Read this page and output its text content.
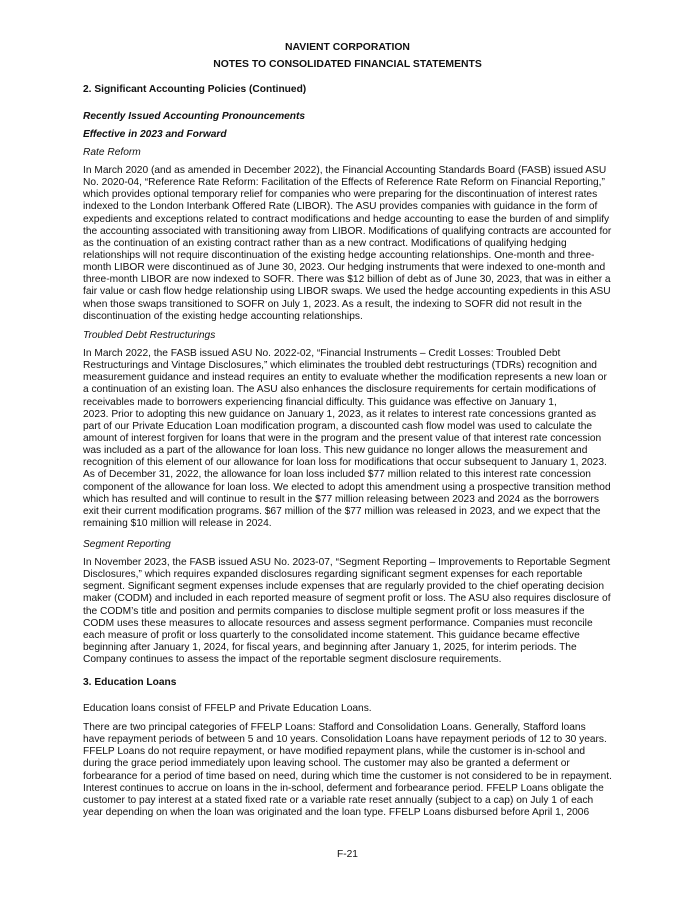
NAVIENT CORPORATION
NOTES TO CONSOLIDATED FINANCIAL STATEMENTS
2. Significant Accounting Policies (Continued)
Recently Issued Accounting Pronouncements
Effective in 2023 and Forward
Rate Reform
In March 2020 (and as amended in December 2022), the Financial Accounting Standards Board (FASB) issued ASU
No. 2020-04, “Reference Rate Reform: Facilitation of the Effects of Reference Rate Reform on Financial Reporting,”
which provides optional temporary relief for companies who were preparing for the discontinuation of interest rates
indexed to the London Interbank Offered Rate (LIBOR). The ASU provides companies with guidance in the form of
expedients and exceptions related to contract modifications and hedge accounting to ease the burden of and simplify
the accounting associated with transitioning away from LIBOR. Modifications of qualifying contracts are accounted for
as the continuation of an existing contract rather than as a new contract. Modifications of qualifying hedging
relationships will not require discontinuation of the existing hedge accounting relationships. One-month and three-
month LIBOR were discontinued as of June 30, 2023. Our hedging instruments that were indexed to one-month and
three-month LIBOR are now indexed to SOFR. There was $12 billion of debt as of June 30, 2023, that was in either a
fair value or cash flow hedge relationship using LIBOR swaps. We used the hedge accounting expedients in this ASU
when those swaps transitioned to SOFR on July 1, 2023. As a result, the indexing to SOFR did not result in the
discontinuation of the existing hedge accounting relationships.
Troubled Debt Restructurings
In March 2022, the FASB issued ASU No. 2022-02, “Financial Instruments – Credit Losses: Troubled Debt
Restructurings and Vintage Disclosures,” which eliminates the troubled debt restructurings (TDRs) recognition and
measurement guidance and instead requires an entity to evaluate whether the modification represents a new loan or
a continuation of an existing loan. The ASU also enhances the disclosure requirements for certain modifications of
receivables made to borrowers experiencing financial difficulty. This guidance was effective on January 1,
2023. Prior to adopting this new guidance on January 1, 2023, as it relates to interest rate concessions granted as
part of our Private Education Loan modification program, a discounted cash flow model was used to calculate the
amount of interest forgiven for loans that were in the program and the present value of that interest rate concession
was included as a part of the allowance for loan loss. This new guidance no longer allows the measurement and
recognition of this element of our allowance for loan loss for modifications that occur subsequent to January 1, 2023.
As of December 31, 2022, the allowance for loan loss included $77 million related to this interest rate concession
component of the allowance for loan loss. We elected to adopt this amendment using a prospective transition method
which has resulted and will continue to result in the $77 million releasing between 2023 and 2024 as the borrowers
exit their current modification programs. $67 million of the $77 million was released in 2023, and we expect that the
remaining $10 million will release in 2024.
Segment Reporting
In November 2023, the FASB issued ASU No. 2023-07, “Segment Reporting – Improvements to Reportable Segment
Disclosures,” which requires expanded disclosures regarding significant segment expenses for each reportable
segment. Significant segment expenses include expenses that are regularly provided to the chief operating decision
maker (CODM) and included in each reported measure of segment profit or loss. The ASU also requires disclosure of
the CODM’s title and position and permits companies to disclose multiple segment profit or loss measures if the
CODM uses these measures to allocate resources and assess segment performance. Companies must reconcile
each measure of profit or loss quarterly to the consolidated income statement. This guidance became effective
beginning after January 1, 2024, for fiscal years, and beginning after January 1, 2025, for interim periods. The
Company continues to assess the impact of the reportable segment disclosure requirements.
3. Education Loans
Education loans consist of FFELP and Private Education Loans.
There are two principal categories of FFELP Loans: Stafford and Consolidation Loans. Generally, Stafford loans
have repayment periods of between 5 and 10 years. Consolidation Loans have repayment periods of 12 to 30 years.
FFELP Loans do not require repayment, or have modified repayment plans, while the customer is in-school and
during the grace period immediately upon leaving school. The customer may also be granted a deferment or
forbearance for a period of time based on need, during which time the customer is not considered to be in repayment.
Interest continues to accrue on loans in the in-school, deferment and forbearance period. FFELP Loans obligate the
customer to pay interest at a stated fixed rate or a variable rate reset annually (subject to a cap) on July 1 of each
year depending on when the loan was originated and the loan type. FFELP Loans disbursed before April 1, 2006
F-21
